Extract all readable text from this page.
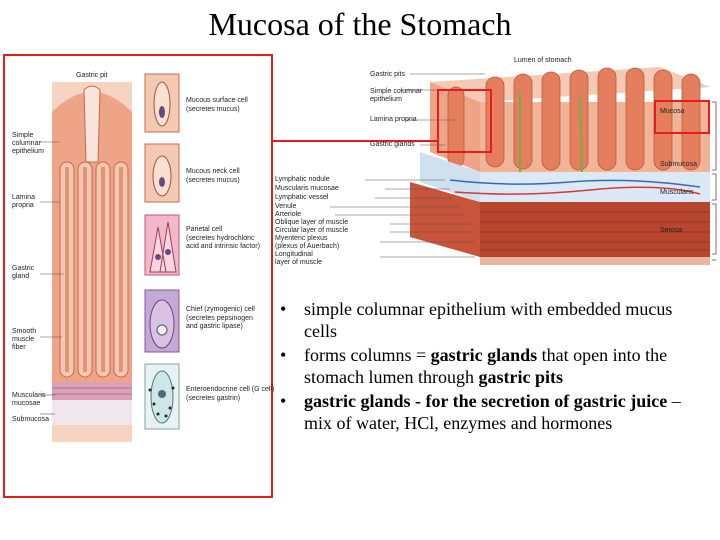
Mucosa of the Stomach
Gastric pit
Simple columnar epithelium
Lamina propria
Gastric gland
Smooth muscle fiber
Muscularis mucosae
Submucosa
Mucous surface cell
(secretes mucus)
Mucous neck cell
(secretes mucus)
Parietal cell
(secretes hydrochloric acid and intrinsic factor)
Chief (zymogenic) cell
(secretes pepsinogen and gastric lipase)
Enteroendocrine cell (G cell)
(secretes gastrin)
Lumen of stomach
Gastric pits
Simple columnar epithelium
Lamina propria
Gastric glands
Lymphatic nodule
Muscularis mucosae
Lymphatic vessel
Venule
Arteriole
Oblique layer of muscle
Circular layer of muscle
Myenteric plexus
(plexus of Auerbach)
Longitudinal
layer of muscle
Mucosa
Submucosa
Muscularis
Serosa
• simple columnar epithelium with embedded mucus cells
• forms columns = gastric glands that open into the stomach lumen through gastric pits
• gastric glands - for the secretion of gastric juice – mix of water, HCl, enzymes and hormones
